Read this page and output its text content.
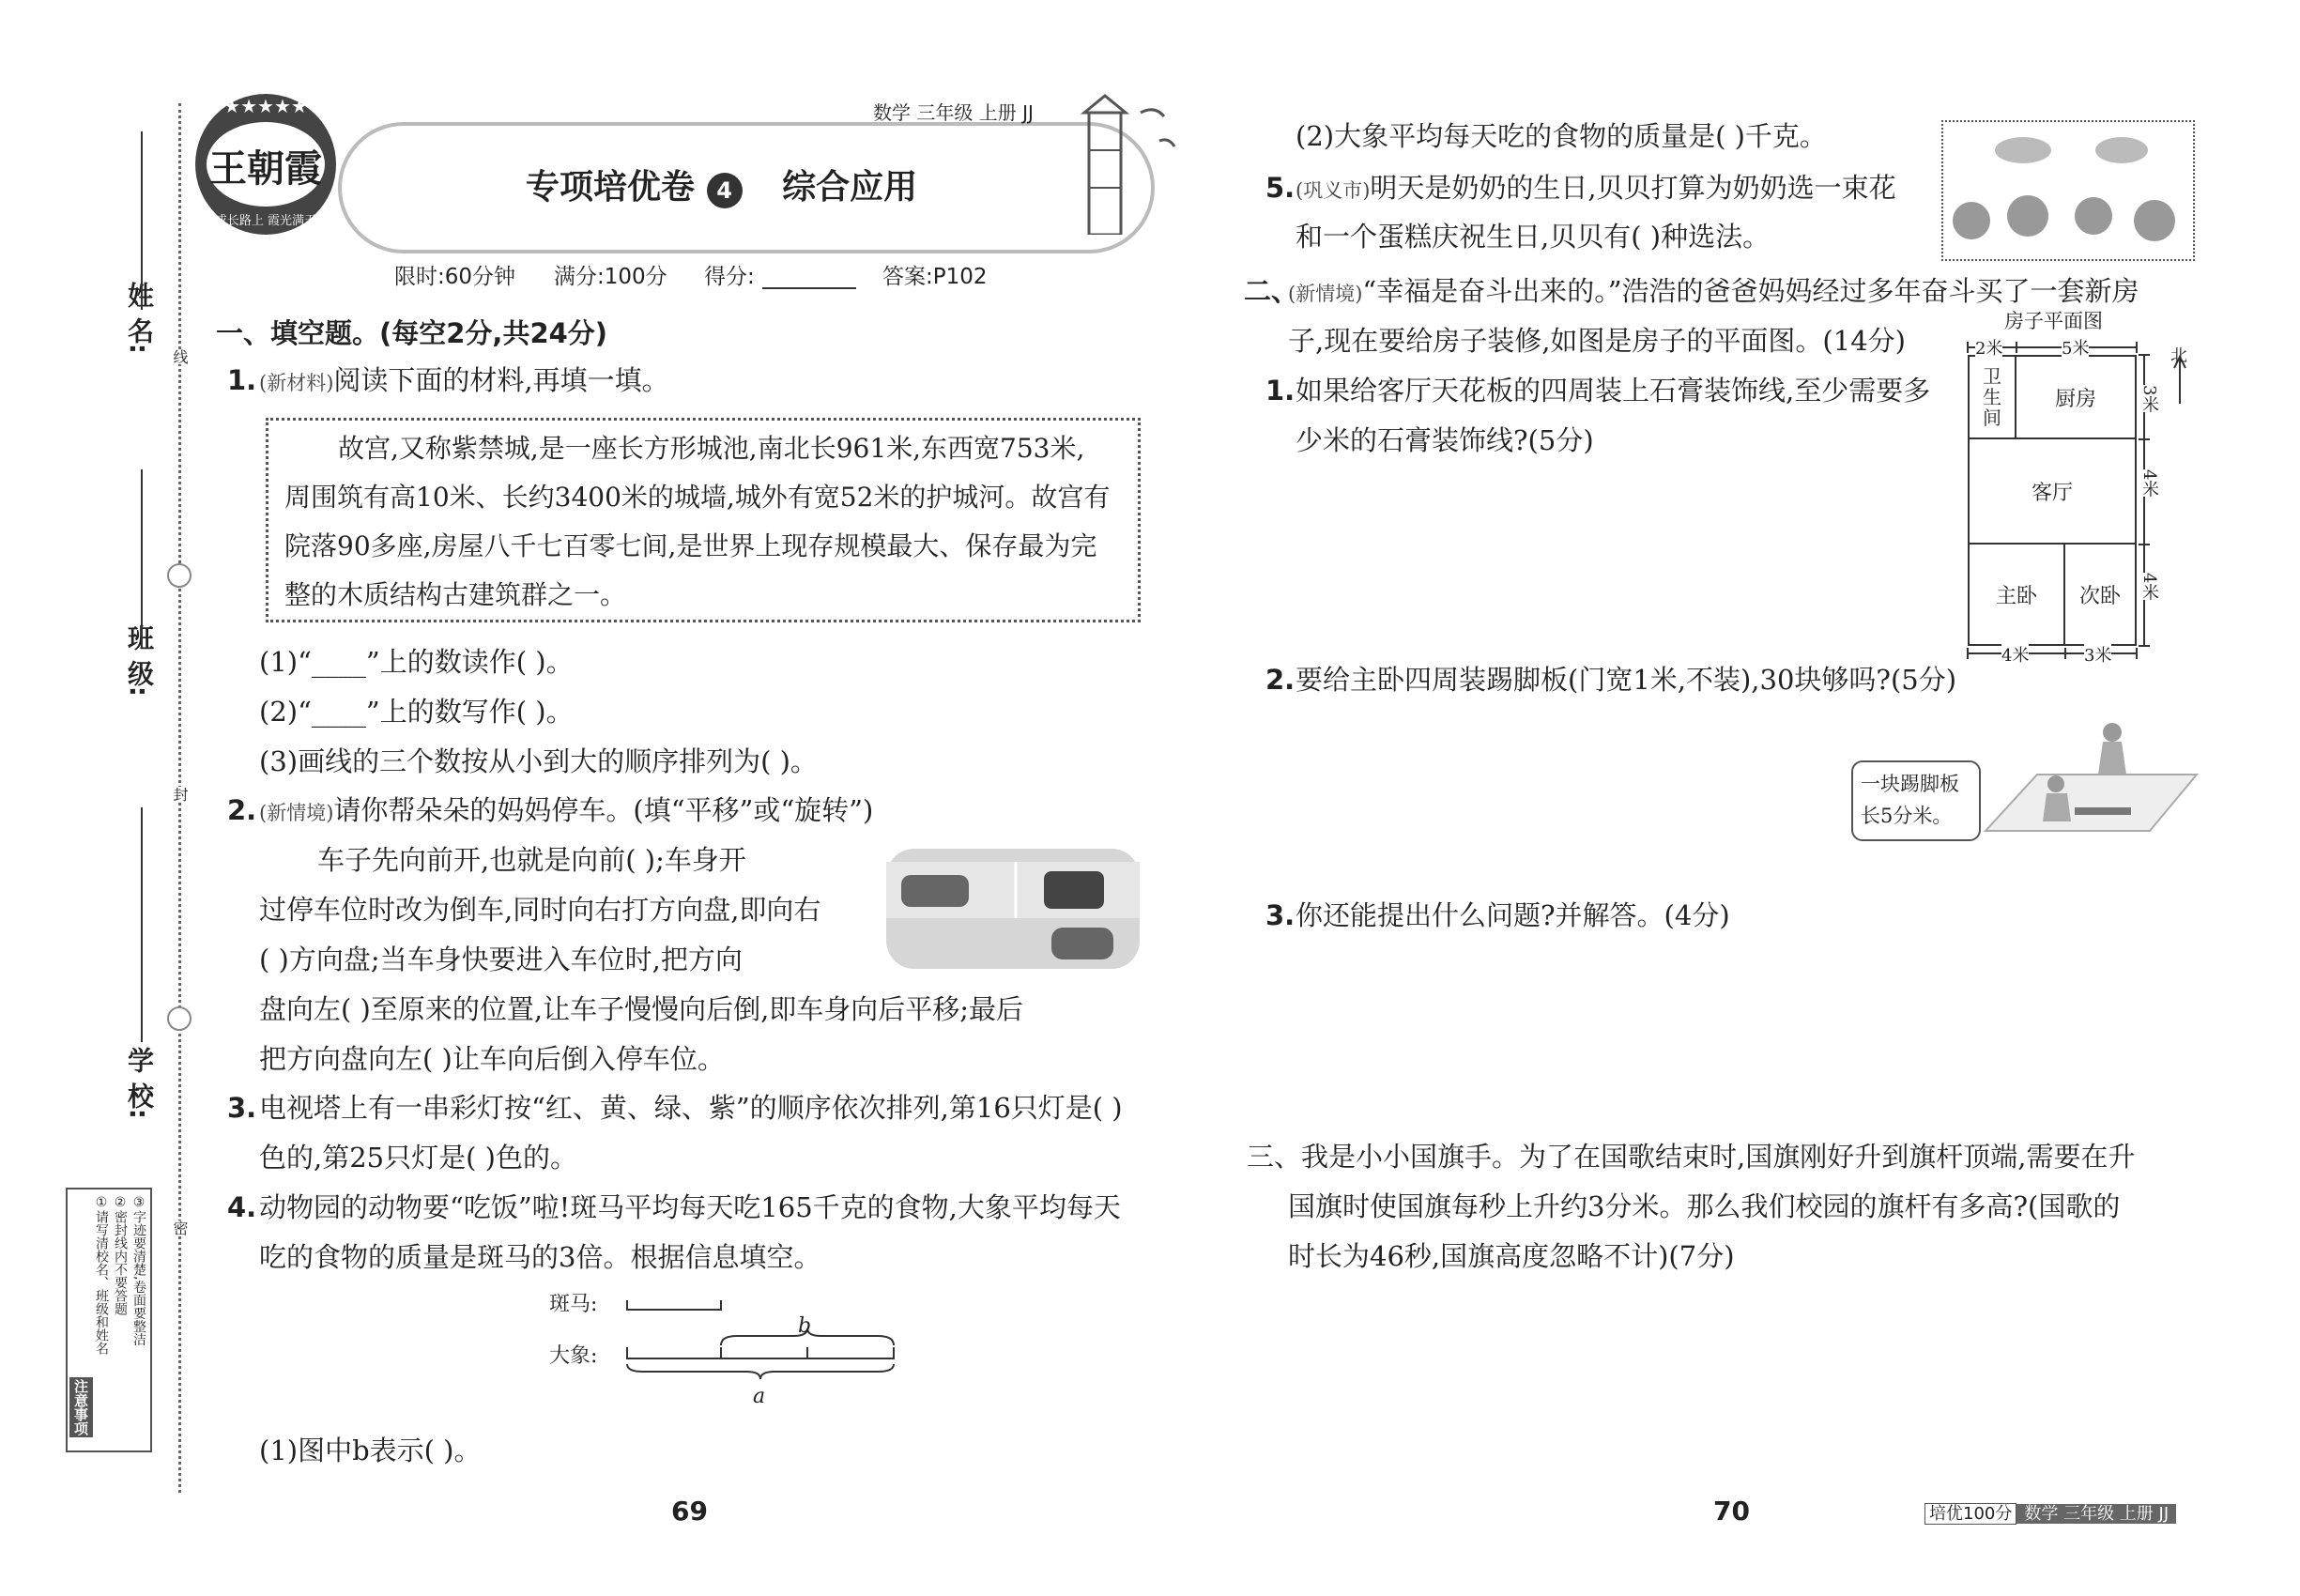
姓 名:
班 级:
学 校:
线
封
密
注意事项
①请写清校名、班级和姓名 ②密封线内不要答题 ③字迹要清楚,卷面要整洁
★★★★★
王朝霞
成长路上 霞光满天
专项培优卷 4 综合应用
数学 三年级 上册 JJ
限时:60分钟 满分:100分 得分:	答案:P102
一、填空题。(每空2分,共24分)
1. (新材料)阅读下面的材料,再填一填。
故宫,又称紫禁城,是一座长方形城池,南北长961米,东西宽753米,
周围筑有高10米、长约3400米的城墙,城外有宽52米的护城河。故宫有
院落90多座,房屋八千七百零七间,是世界上现存规模最大、保存最为完
整的木质结构古建筑群之一。
(1)“____”上的数读作( )。
(2)“____”上的数写作( )。
(3)画线的三个数按从小到大的顺序排列为( )。
2. (新情境)请你帮朵朵的妈妈停车。(填“平移”或“旋转”)
车子先向前开,也就是向前( );车身开
过停车位时改为倒车,同时向右打方向盘,即向右
( )方向盘;当车身快要进入车位时,把方向
盘向左( )至原来的位置,让车子慢慢向后倒,即车身向后平移;最后
把方向盘向左( )让车向后倒入停车位。
3. 电视塔上有一串彩灯按“红、黄、绿、紫”的顺序依次排列,第16只灯是( )
色的,第25只灯是( )色的。
4. 动物园的动物要“吃饭”啦!斑马平均每天吃165千克的食物,大象平均每天
吃的食物的质量是斑马的3倍。根据信息填空。
斑马:
大象:
b
a
(1)图中b表示( )。
69
(2)大象平均每天吃的食物的质量是( )千克。
5. (巩义市)明天是奶奶的生日,贝贝打算为奶奶选一束花
和一个蛋糕庆祝生日,贝贝有( )种选法。
二、
(新情境)“幸福是奋斗出来的。”浩浩的爸爸妈妈经过多年奋斗买了一套新房
子,现在要给房子装修,如图是房子的平面图。(14分)
房子平面图
卫生间
厨房
客厅
主卧	次卧
2米	5米
3米
4米
4米
4米	3米
北
1. 如果给客厅天花板的四周装上石膏装饰线,至少需要多
少米的石膏装饰线?(5分)
2. 要给主卧四周装踢脚板(门宽1米,不装),30块够吗?(5分)
一块踢脚板
长5分米。
3. 你还能提出什么问题?并解答。(4分)
三、我是小小国旗手。为了在国歌结束时,国旗刚好升到旗杆顶端,需要在升
国旗时使国旗每秒上升约3分米。那么我们校园的旗杆有多高?(国歌的
时长为46秒,国旗高度忽略不计)(7分)
70	培优100分 数学 三年级 上册 JJ
